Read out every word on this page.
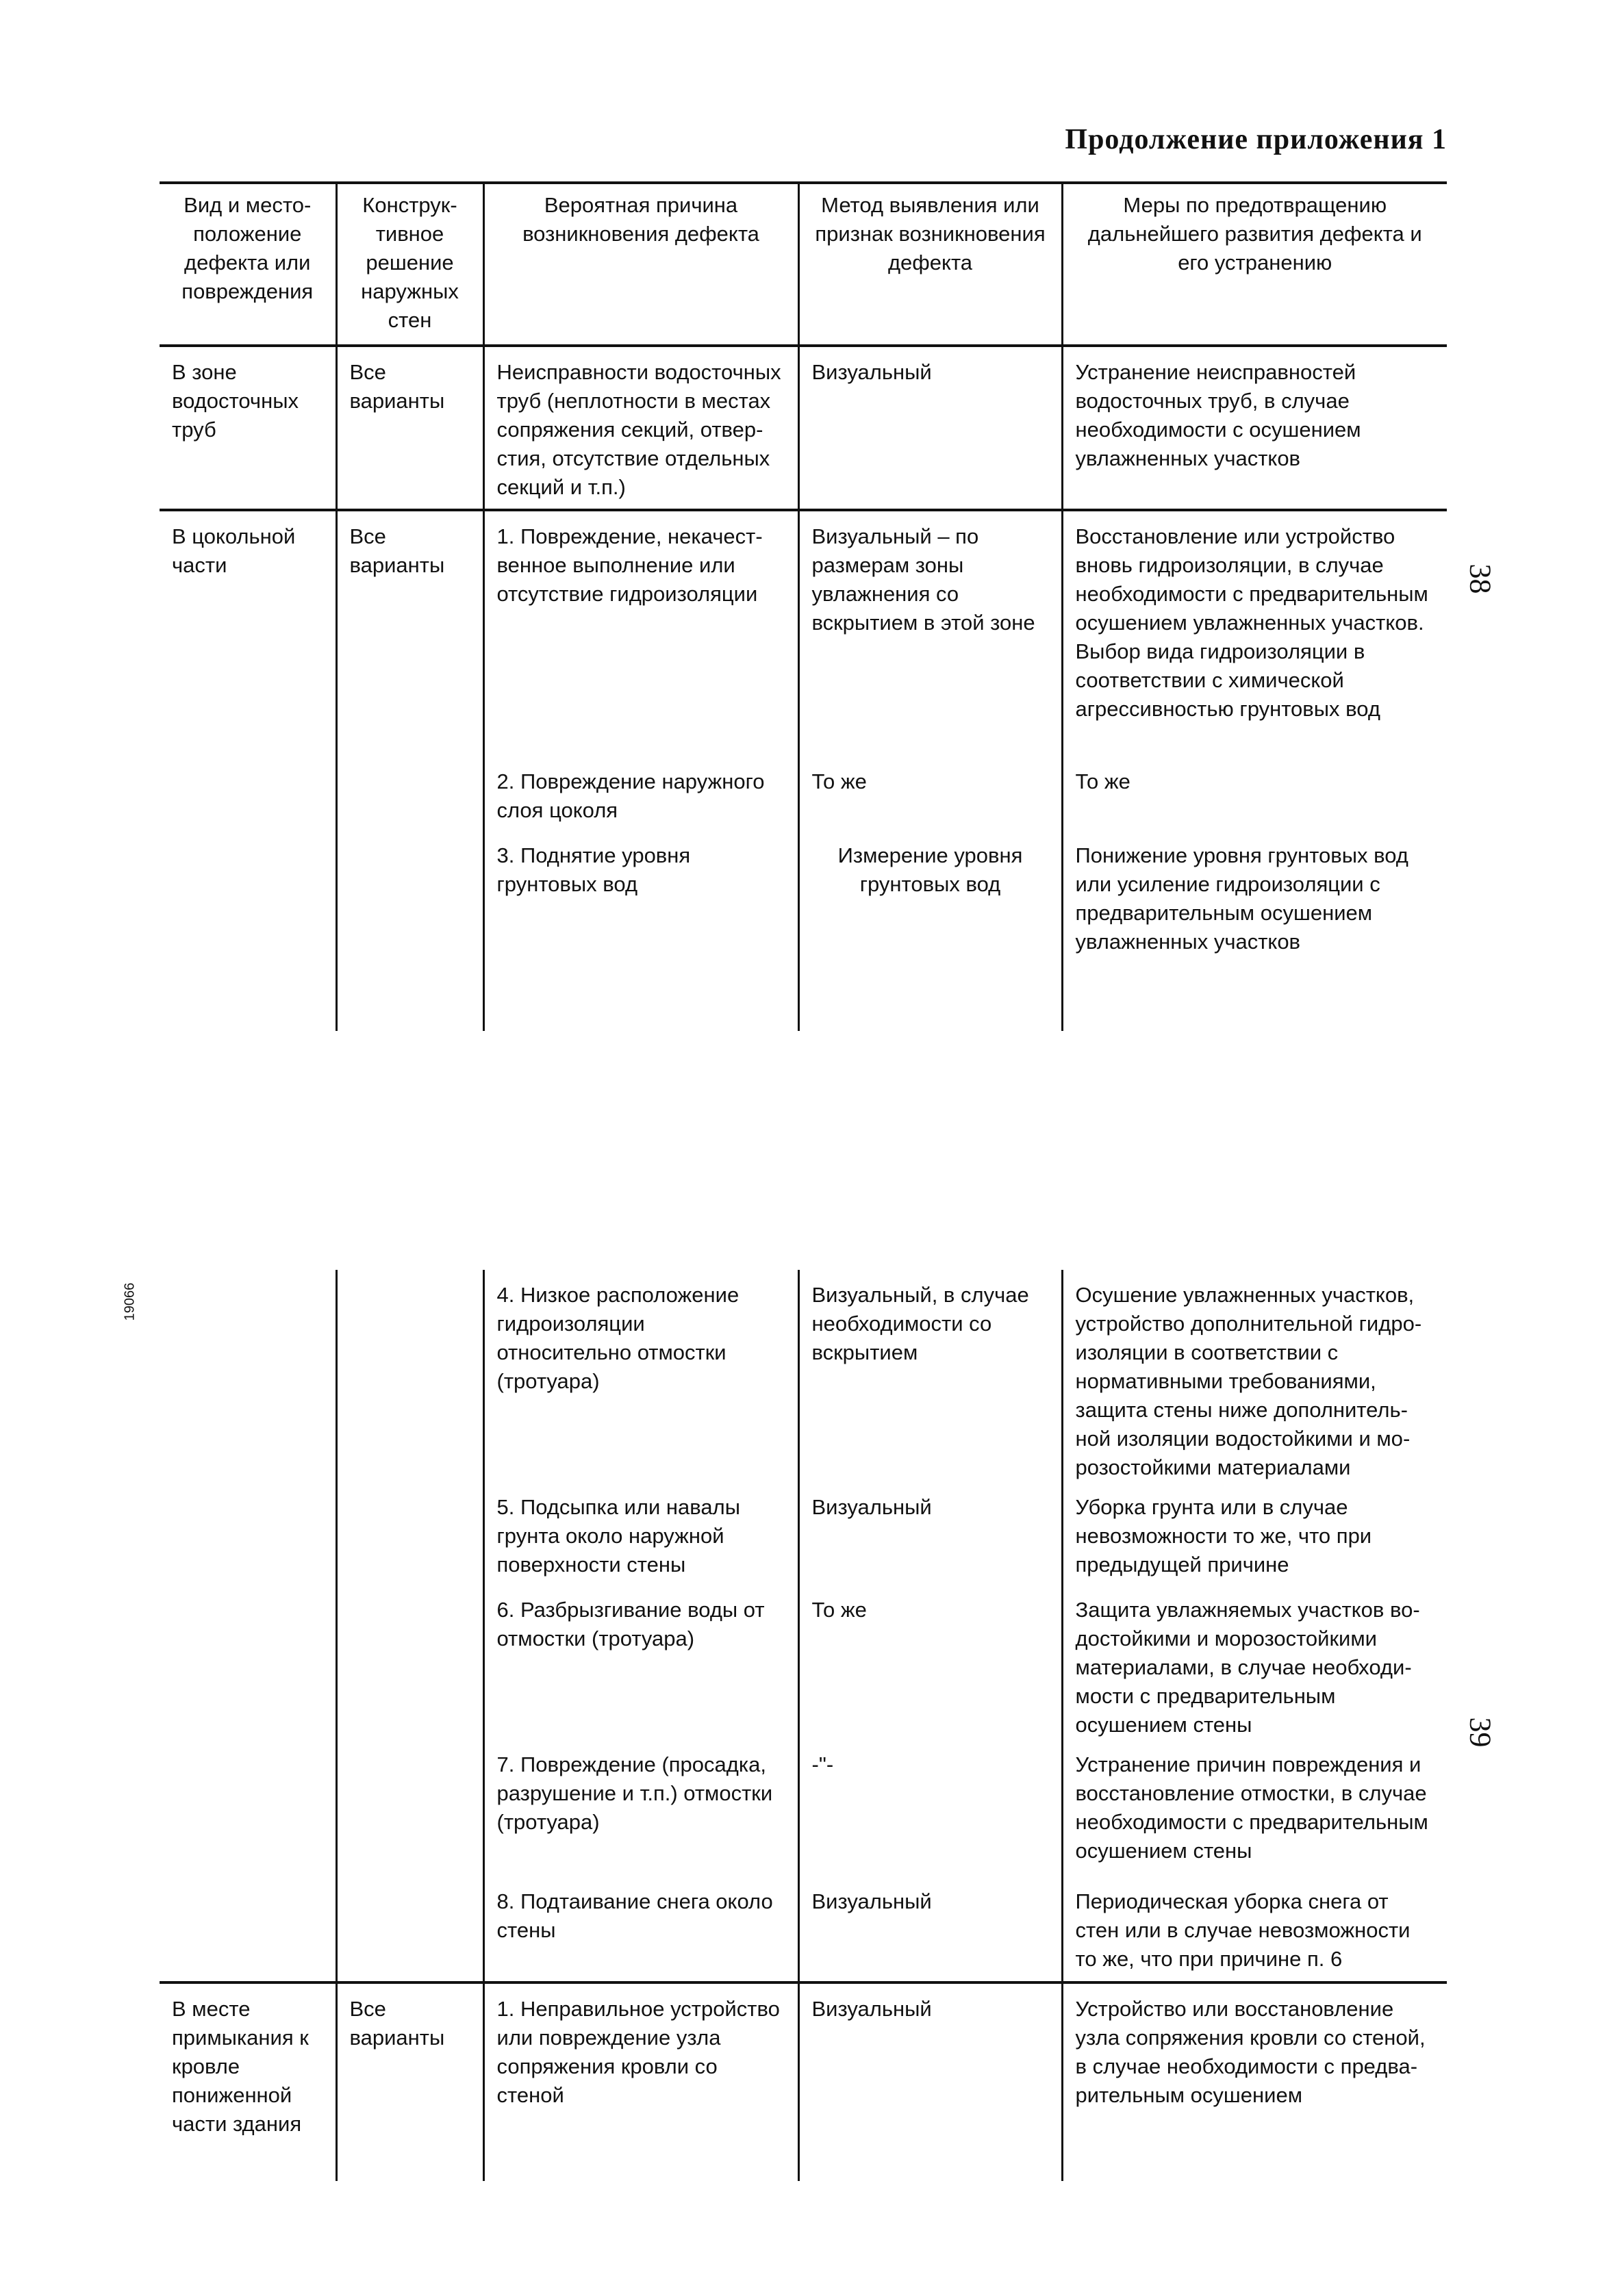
Продолжение приложения 1
Вид и местоположение дефекта или повреждения	Конструктивное решение наружных стен	Вероятная причина возникновения дефекта	Метод выявления или признак возникновения дефекта	Меры по предотвращению дальнейшего развития дефекта и его устранению
В зоне водосточных труб	Все варианты	Неисправности водосточных труб (неплотности в местах сопряжения секций, отверстия, отсутствие отдельных секций и т.п.)	Визуальный	Устранение неисправностей водосточных труб, в случае необходимости с осушением увлажненных участков
В цокольной части	Все варианты	1. Повреждение, некачественное выполнение или отсутствие гидроизоляции	Визуальный – по размерам зоны увлажнения со вскрытием в этой зоне	Восстановление или устройство вновь гидроизоляции, в случае необходимости с предварительным осушением увлажненных участков. Выбор вида гидроизоляции в соответствии с химической агрессивностью грунтовых вод
		2. Повреждение наружного слоя цоколя	То же	То же
		3. Поднятие уровня грунтовых вод	Измерение уровня грунтовых вод	Понижение уровня грунтовых вод или усиление гидроизоляции с предварительным осушением увлажненных участков
		4. Низкое расположение гидроизоляции относительно отмостки (тротуара)	Визуальный, в случае необходимости со вскрытием	Осушение увлажненных участков, устройство дополнительной гидроизоляции в соответствии с нормативными требованиями, защита стены ниже дополнительной изоляции водостойкими и морозостойкими материалами
		5. Подсыпка или навалы грунта около наружной поверхности стены	Визуальный	Уборка грунта или в случае невозможности то же, что при предыдущей причине
		6. Разбрызгивание воды от отмостки (тротуара)	То же	Защита увлажняемых участков водостойкими и морозостойкими материалами, в случае необходимости с предварительным осушением стены
		7. Повреждение (просадка, разрушение и т.п.) отмостки (тротуара)	-"-	Устранение причин повреждения и восстановление отмостки, в случае необходимости с предварительным осушением стены
		8. Подтаивание снега около стены	Визуальный	Периодическая уборка снега от стен или в случае невозможности то же, что при причине п. 6
В месте примыкания к кровле пониженной части здания	Все варианты	1. Неправильное устройство или повреждение узла сопряжения кровли со стеной	Визуальный	Устройство или восстановление узла сопряжения кровли со стеной, в случае необходимости с предварительным осушением
38
39
19066
